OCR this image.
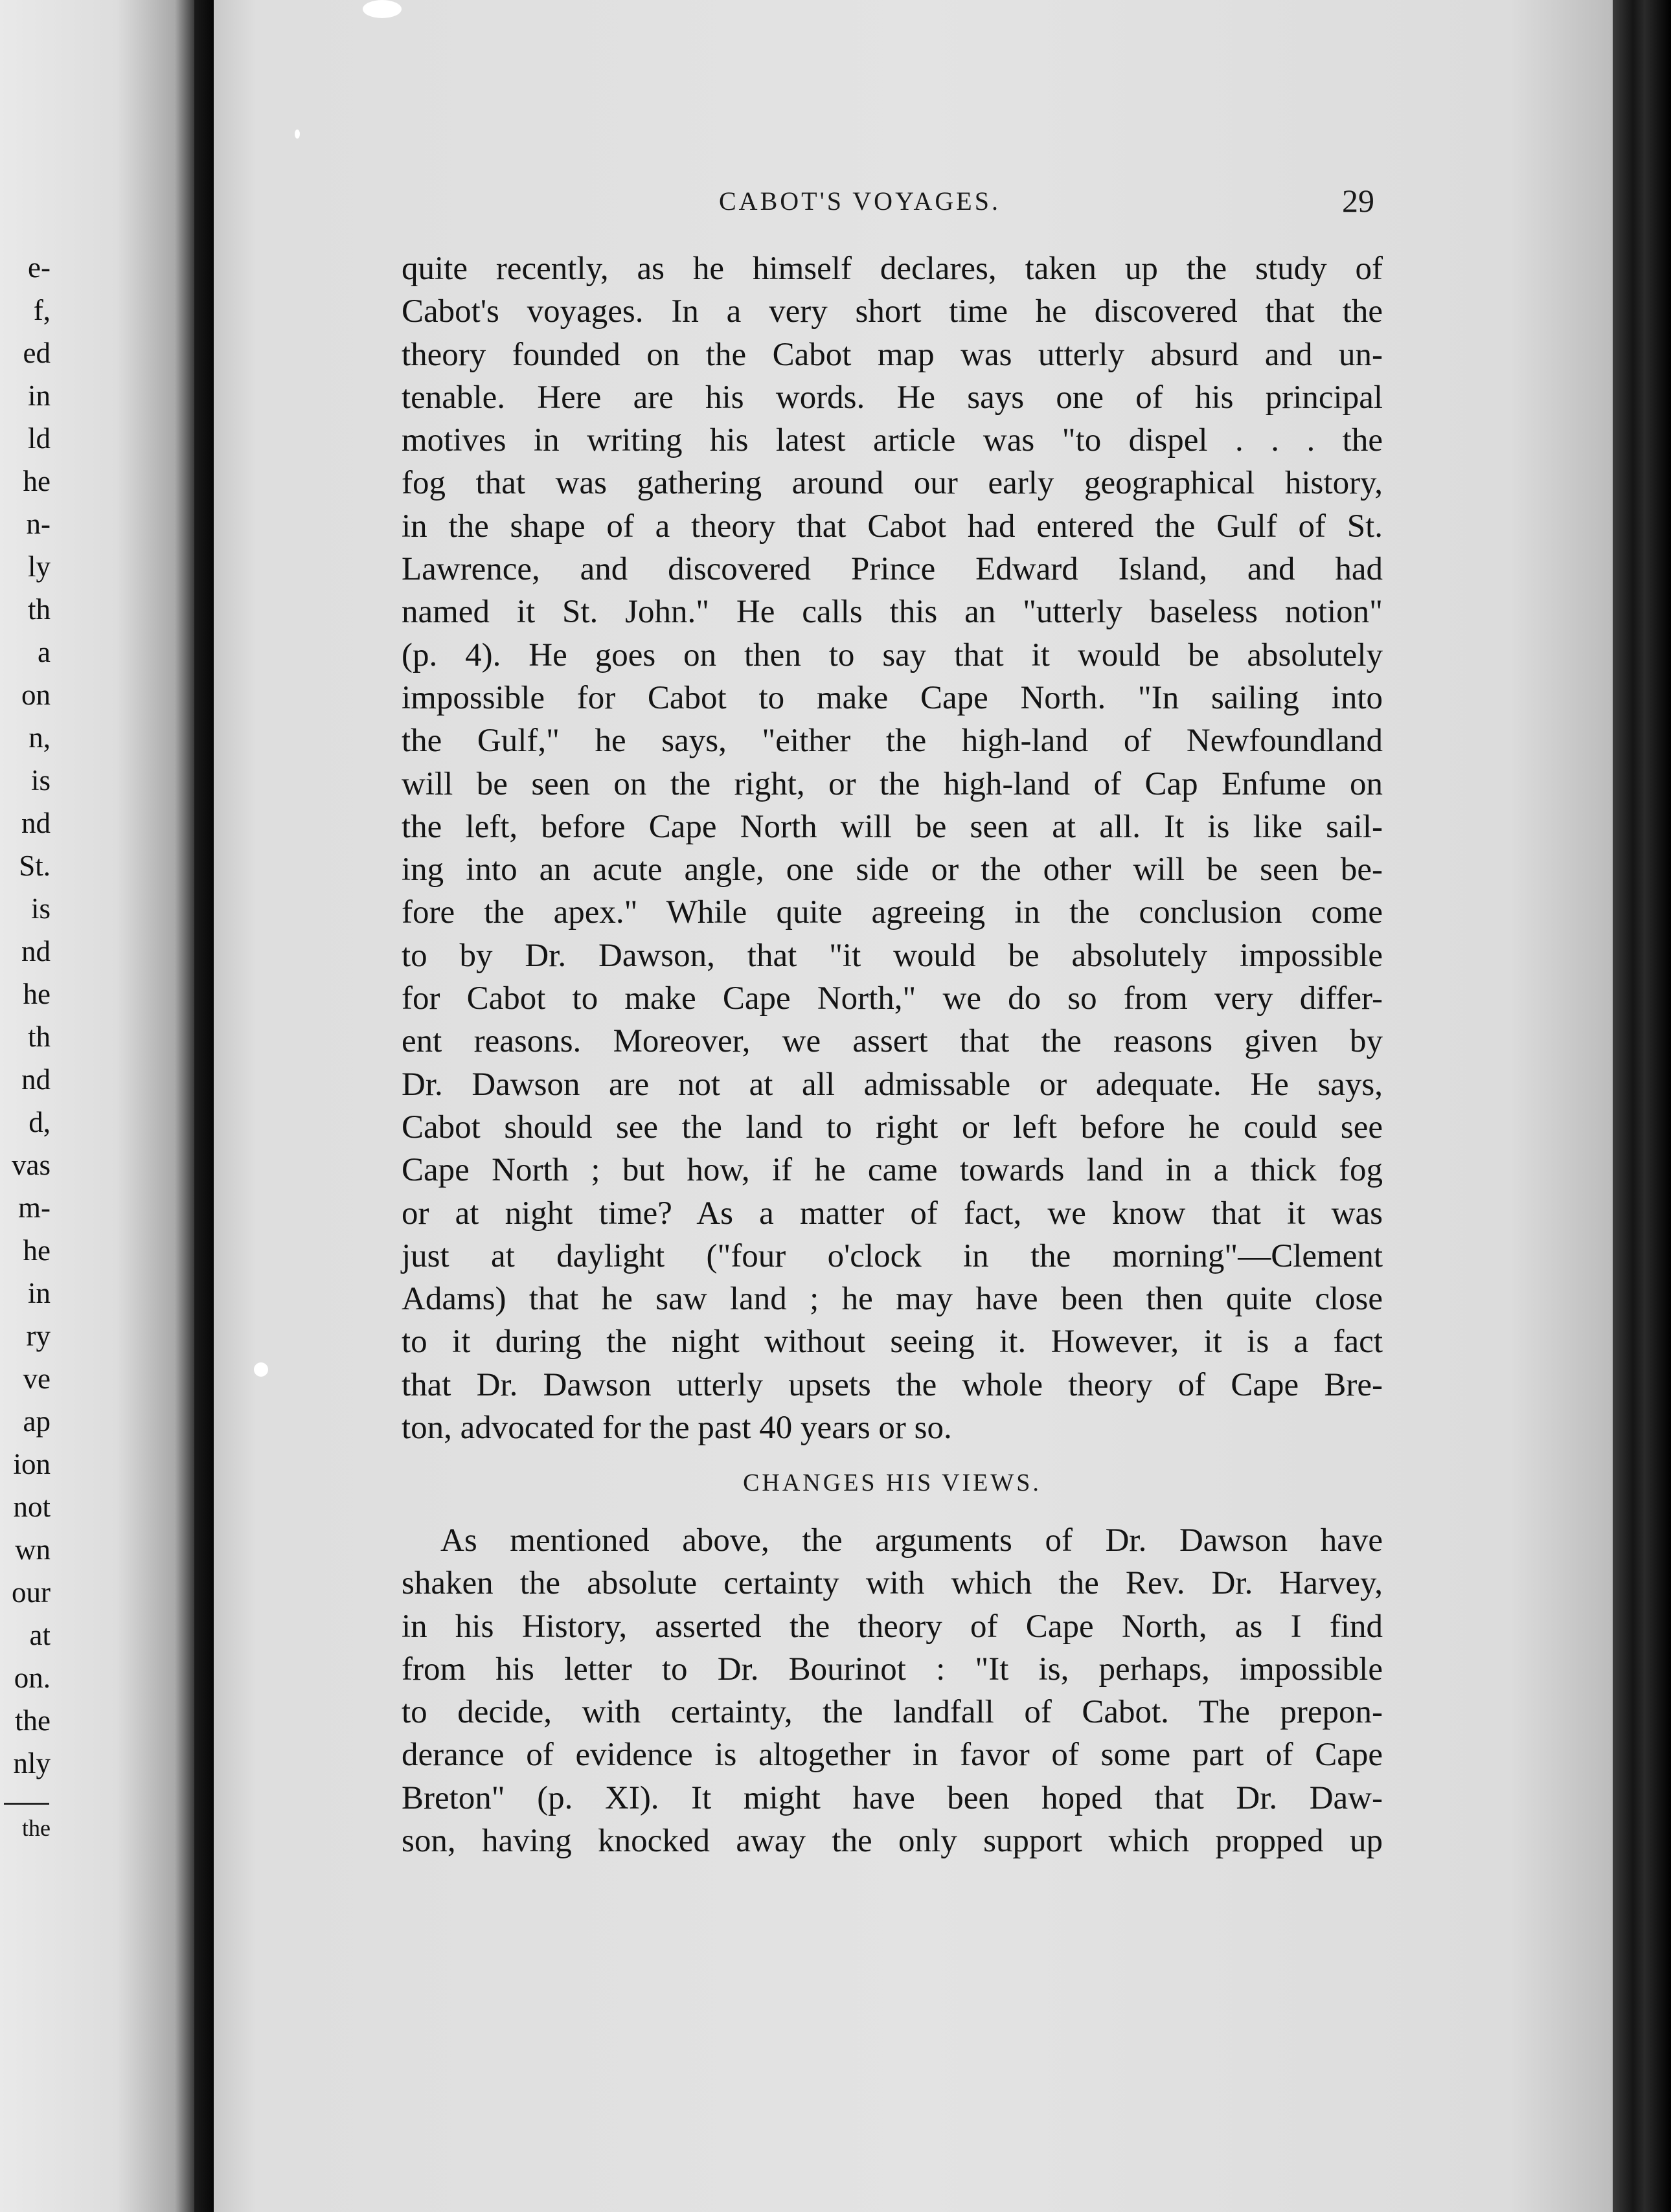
e-
f,
ed
in
ld
he
n-
ly
th
a
on
n,
is
nd
St.
is
nd
he
th
nd
d,
vas
m-
he
in
ry
ve
ap
ion
not
wn
our
at
on.
the
nly
the
CABOT'S VOYAGES.	29
quite recently, as he himself declares, taken up the study of
Cabot's voyages. In a very short time he discovered that the
theory founded on the Cabot map was utterly absurd and un-
tenable. Here are his words. He says one of his principal
motives in writing his latest article was "to dispel . . . the
fog that was gathering around our early geographical history,
in the shape of a theory that Cabot had entered the Gulf of St.
Lawrence, and discovered Prince Edward Island, and had
named it St. John." He calls this an "utterly baseless notion"
(p. 4). He goes on then to say that it would be absolutely
impossible for Cabot to make Cape North. "In sailing into
the Gulf," he says, "either the high-land of Newfoundland
will be seen on the right, or the high-land of Cap Enfume on
the left, before Cape North will be seen at all. It is like sail-
ing into an acute angle, one side or the other will be seen be-
fore the apex." While quite agreeing in the conclusion come
to by Dr. Dawson, that "it would be absolutely impossible
for Cabot to make Cape North," we do so from very differ-
ent reasons. Moreover, we assert that the reasons given by
Dr. Dawson are not at all admissable or adequate. He says,
Cabot should see the land to right or left before he could see
Cape North ; but how, if he came towards land in a thick fog
or at night time? As a matter of fact, we know that it was
just at daylight ("four o'clock in the morning"—Clement
Adams) that he saw land ; he may have been then quite close
to it during the night without seeing it. However, it is a fact
that Dr. Dawson utterly upsets the whole theory of Cape Bre-
ton, advocated for the past 40 years or so.
CHANGES HIS VIEWS.
As mentioned above, the arguments of Dr. Dawson have
shaken the absolute certainty with which the Rev. Dr. Harvey,
in his History, asserted the theory of Cape North, as I find
from his letter to Dr. Bourinot : "It is, perhaps, impossible
to decide, with certainty, the landfall of Cabot. The prepon-
derance of evidence is altogether in favor of some part of Cape
Breton" (p. XI). It might have been hoped that Dr. Daw-
son, having knocked away the only support which propped up
